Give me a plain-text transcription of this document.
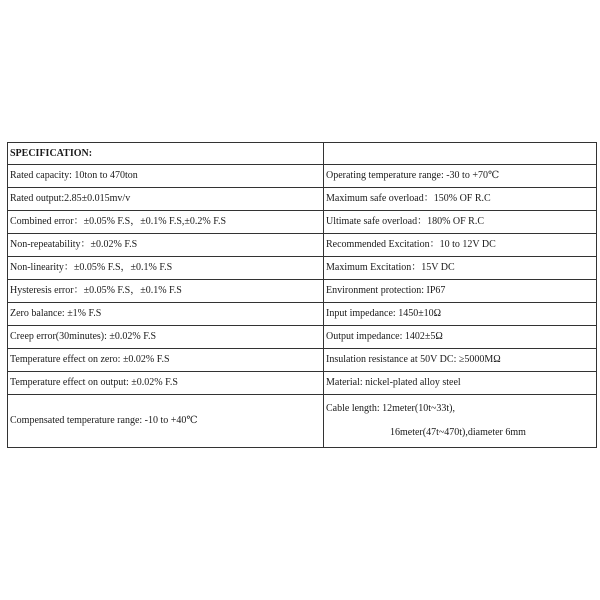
SPECIFICATION:	
Rated capacity: 10ton to 470ton	Operating temperature range: -30 to +70℃
Rated output:2.85±0.015mv/v	Maximum safe overload：150% OF R.C
Combined error：±0.05% F.S，±0.1% F.S,±0.2% F.S	Ultimate safe overload：180% OF R.C
Non-repeatability：±0.02% F.S	Recommended Excitation：10 to 12V DC
Non-linearity：±0.05% F.S，±0.1% F.S	Maximum Excitation：15V DC
Hysteresis error：±0.05% F.S，±0.1% F.S	Environment protection: IP67
Zero balance: ±1% F.S	Input impedance: 1450±10Ω
Creep error(30minutes): ±0.02% F.S	Output impedance: 1402±5Ω
Temperature effect on zero: ±0.02% F.S	Insulation resistance at 50V DC: ≥5000MΩ
Temperature effect on output: ±0.02% F.S	Material: nickel-plated alloy steel
Compensated temperature range: -10 to +40℃	Cable length: 12meter(10t~33t),
16meter(47t~470t),diameter 6mm
